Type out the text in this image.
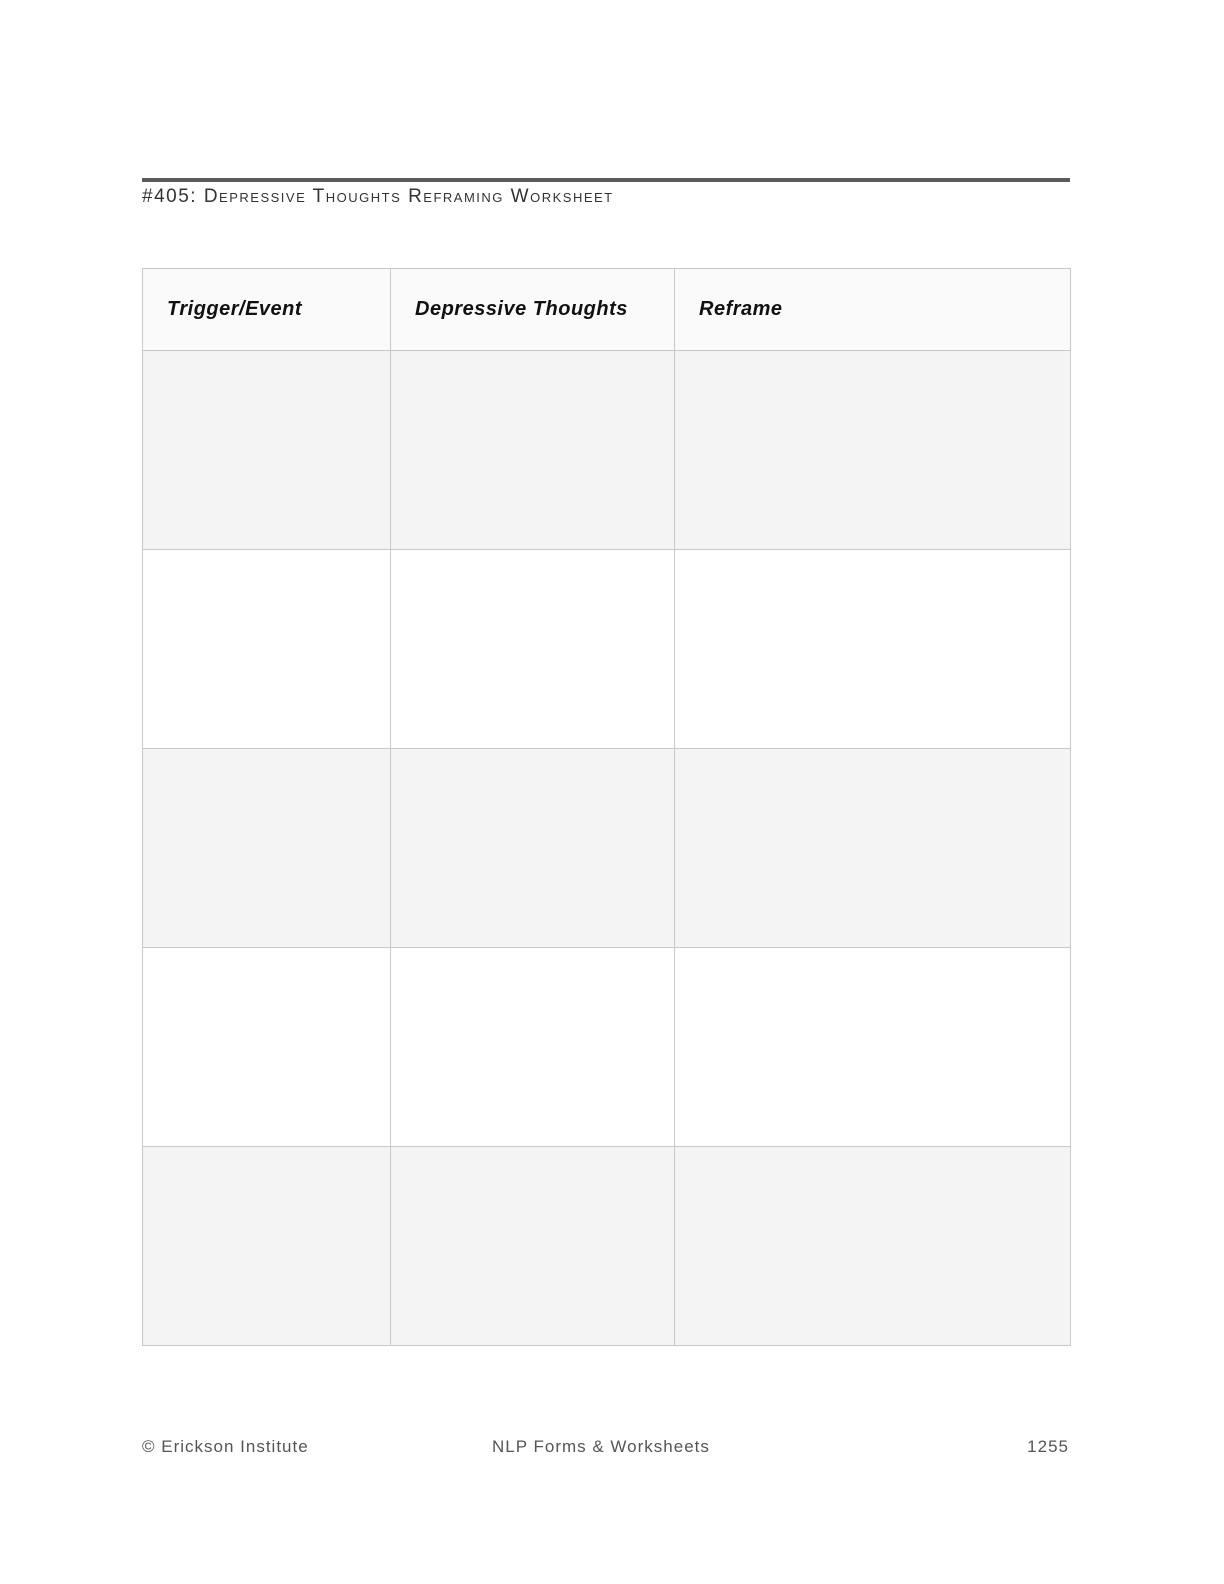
#405: Depressive Thoughts Reframing Worksheet
Trigger/Event	Depressive Thoughts	Reframe

© Erickson Institute	NLP Forms & Worksheets	1255
